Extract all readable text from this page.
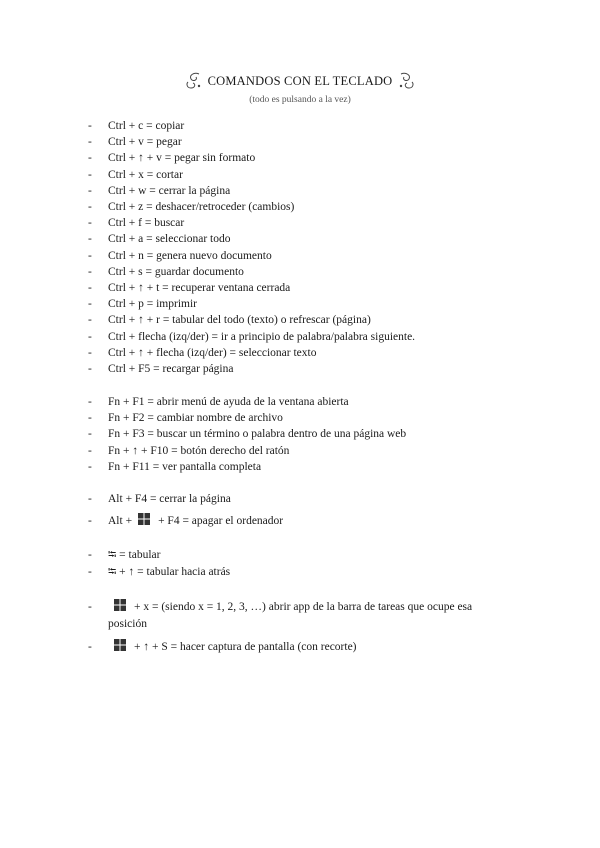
COMANDOS CON EL TECLADO
(todo es pulsando a la vez)
-	Ctrl + c = copiar
-	Ctrl + v = pegar
-	Ctrl + ↑ + v = pegar sin formato
-	Ctrl + x = cortar
-	Ctrl + w = cerrar la página
-	Ctrl + z = deshacer/retroceder (cambios)
-	Ctrl + f = buscar
-	Ctrl + a = seleccionar todo
-	Ctrl + n = genera nuevo documento
-	Ctrl + s = guardar documento
-	Ctrl + ↑ + t = recuperar ventana cerrada
-	Ctrl + p = imprimir
-	Ctrl + ↑ + r = tabular del todo (texto) o refrescar (página)
-	Ctrl + flecha (izq/der) = ir a principio de palabra/palabra siguiente.
-	Ctrl + ↑ + flecha (izq/der) = seleccionar texto
-	Ctrl + F5 = recargar página
-	Fn + F1 = abrir menú de ayuda de la ventana abierta
-	Fn + F2 = cambiar nombre de archivo
-	Fn + F3 = buscar un término o palabra dentro de una página web
-	Fn + ↑ + F10 = botón derecho del ratón
-	Fn + F11 = ver pantalla completa
-	Alt + F4 = cerrar la página
-	Alt + + F4 = apagar el ordenador
-	⭾ = tabular
-	⭾ + ↑ = tabular hacia atrás
-	+ x = (siendo x = 1, 2, 3, …) abrir app de la barra de tareas que ocupe esa
posición
-	+ ↑ + S = hacer captura de pantalla (con recorte)
